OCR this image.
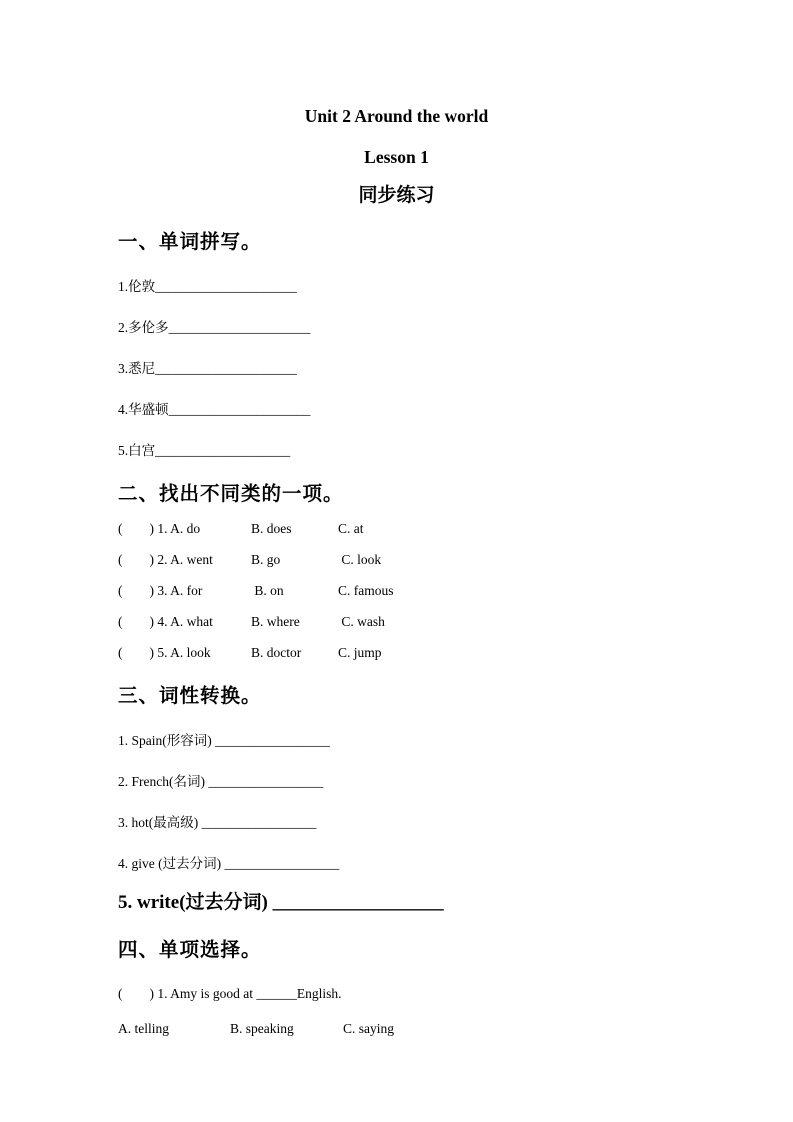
Unit 2 Around the world
Lesson 1
同步练习
一、单词拼写。
1.伦敦_____________________
2.多伦多_____________________
3.悉尼_____________________
4.华盛顿_____________________
5.白宫____________________
二、找出不同类的一项。
(        ) 1. A. do	B. does	C. at
(        ) 2. A. went	B. go	C. look
(        ) 3. A. for	B. on	C. famous
(        ) 4. A. what	B. where	C. wash
(        ) 5. A. look	B. doctor	C. jump
三、词性转换。
1. Spain(形容词) _________________
2. French(名词) _________________
3. hot(最高级) _________________
4. give (过去分词) _________________
5. write(过去分词) __________________
四、单项选择。
(        ) 1. Amy is good at ______English.
A. telling	B. speaking	C. saying
